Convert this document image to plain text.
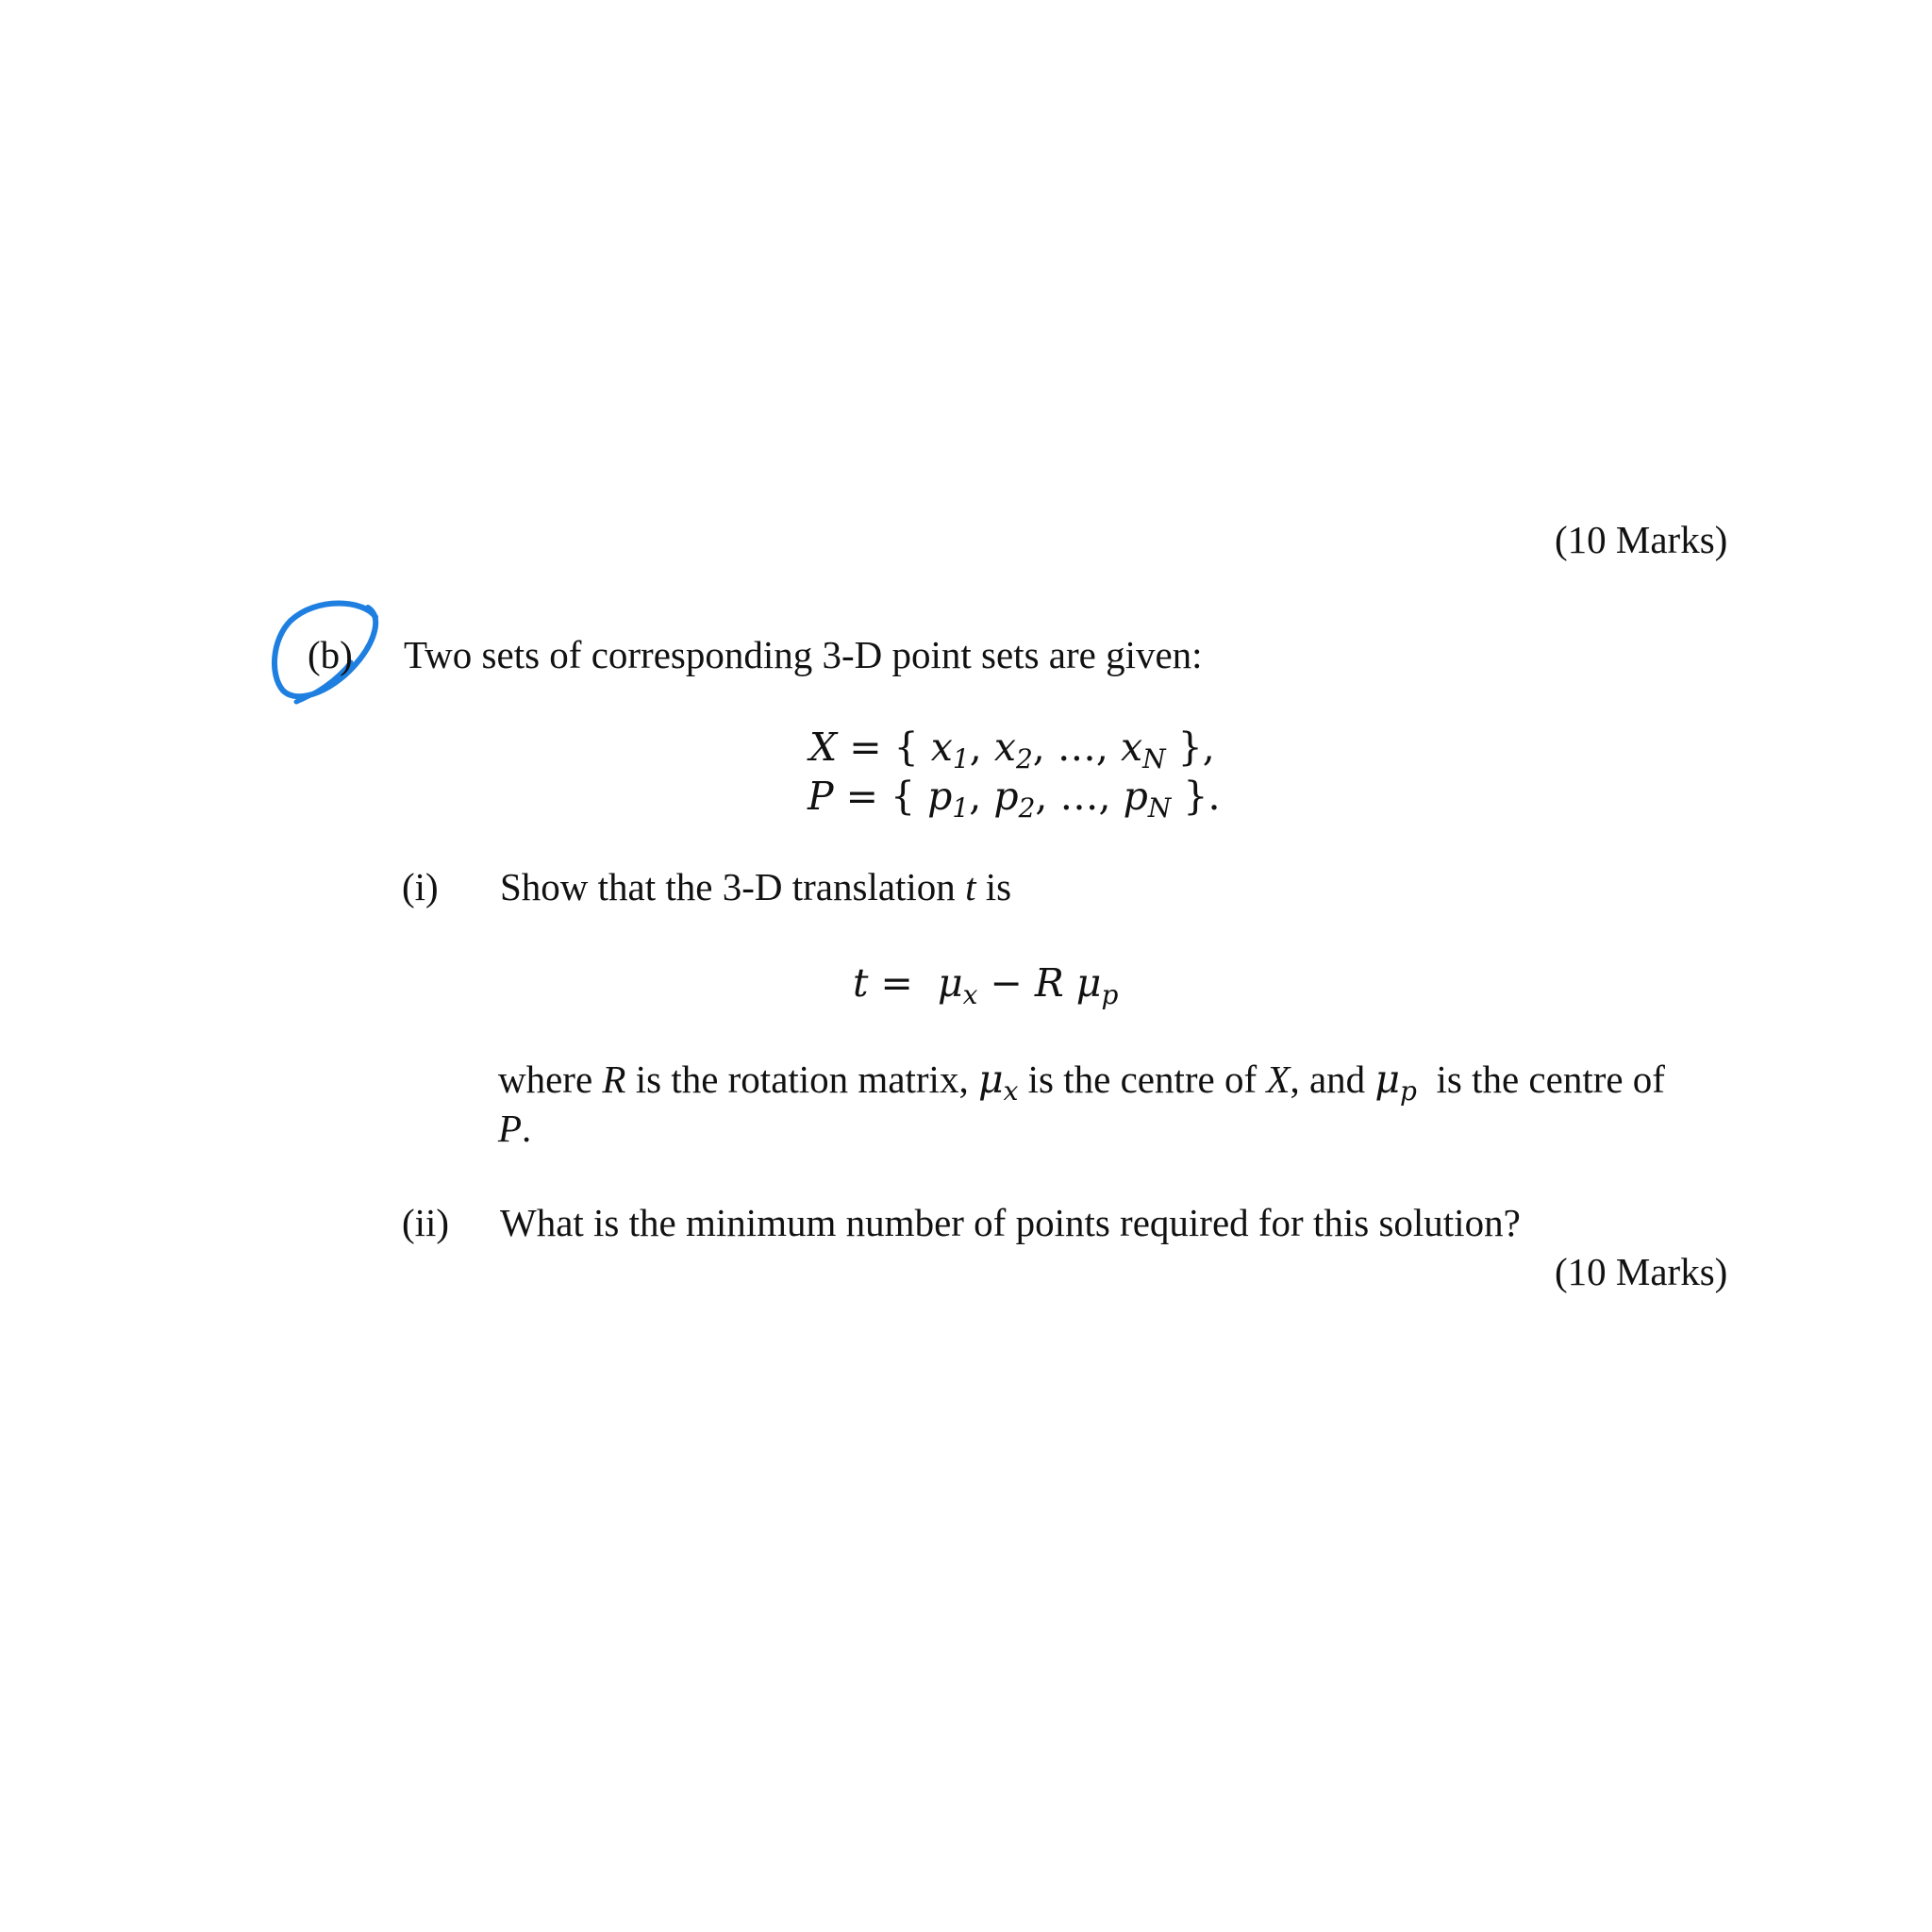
(10 Marks)
(b) Two sets of corresponding 3-D point sets are given:
X = { x1, x2, …, xN },
P = { p1, p2, …, pN }.
(i) Show that the 3-D translation t is
t = μx − R μp
where R is the rotation matrix, μx is the centre of X, and μp is the centre of
P.
(ii) What is the minimum number of points required for this solution?
(10 Marks)
